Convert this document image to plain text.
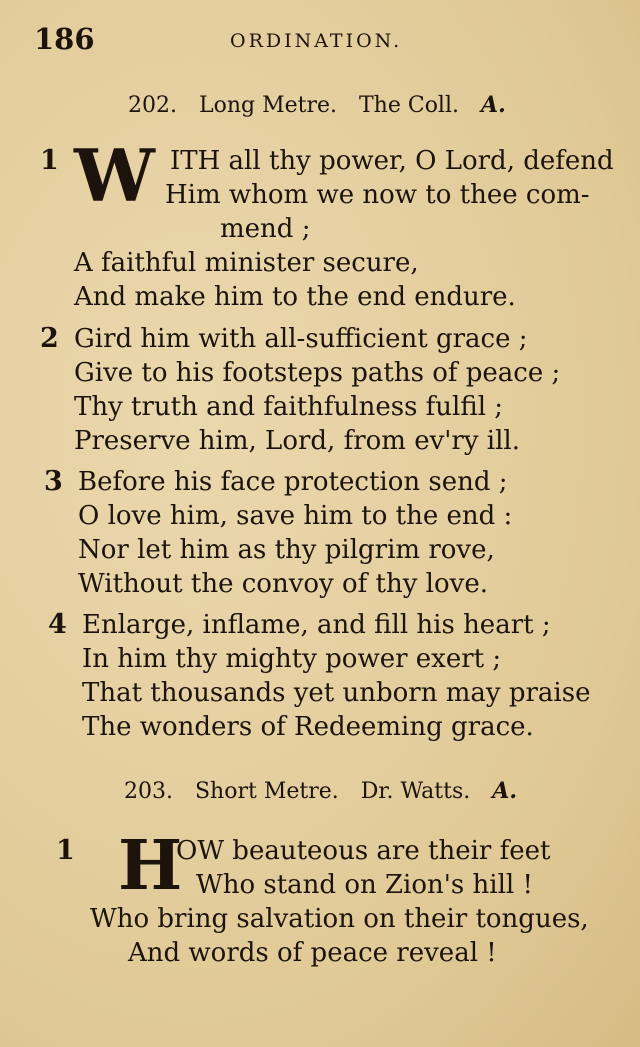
186	ORDINATION.
202. Long Metre. The Coll. A.
1 W ITH all thy power, O Lord, defend
Him whom we now to thee com-
mend ;
A faithful minister secure,
And make him to the end endure.
2 Gird him with all-sufficient grace ;
Give to his footsteps paths of peace ;
Thy truth and faithfulness fulfil ;
Preserve him, Lord, from ev'ry ill.
3 Before his face protection send ;
O love him, save him to the end :
Nor let him as thy pilgrim rove,
Without the convoy of thy love.
4 Enlarge, inflame, and fill his heart ;
In him thy mighty power exert ;
That thousands yet unborn may praise
The wonders of Redeeming grace.
203. Short Metre. Dr. Watts. A.
1 H
OW beauteous are their feet
Who stand on Zion's hill !
Who bring salvation on their tongues,
And words of peace reveal !
